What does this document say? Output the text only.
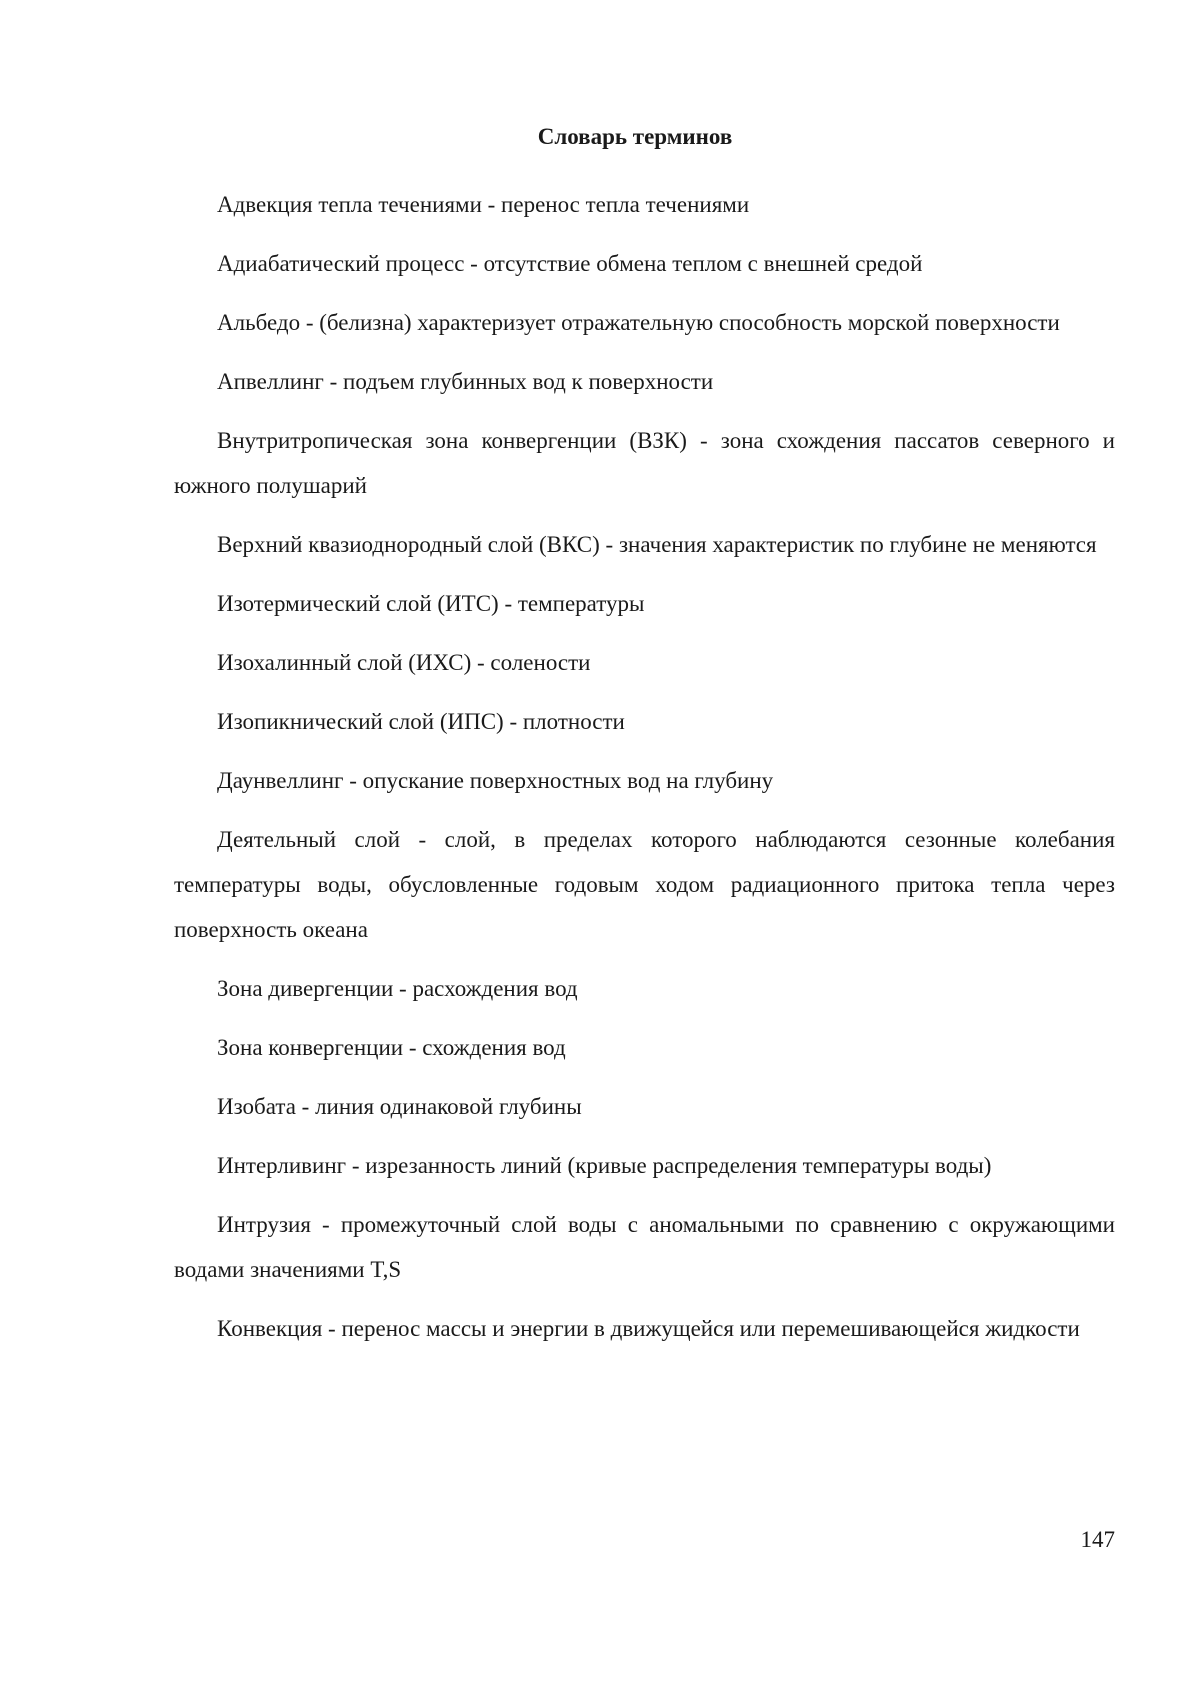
Словарь терминов

Адвекция тепла течениями - перенос тепла течениями

Адиабатический процесс - отсутствие обмена теплом с внешней средой

Альбедо - (белизна) характеризует отражательную способность морской поверхности

Апвеллинг - подъем глубинных вод к поверхности

Внутритропическая зона конвергенции (ВЗК) - зона схождения пассатов северного и южного полушарий

Верхний квазиоднородный слой (ВКС) - значения характеристик по глубине не меняются

Изотермический слой (ИТС) - температуры

Изохалинный слой (ИХС) - солености

Изопикнический слой (ИПС) - плотности

Даунвеллинг - опускание поверхностных вод на глубину

Деятельный слой - слой, в пределах которого наблюдаются сезонные колебания температуры воды, обусловленные годовым ходом радиационного притока тепла через поверхность океана

Зона дивергенции - расхождения вод

Зона конвергенции - схождения вод

Изобата - линия одинаковой глубины

Интерливинг - изрезанность линий (кривые распределения температуры воды)

Интрузия - промежуточный слой воды с аномальными по сравнению с окружающими водами значениями T,S

Конвекция - перенос массы и энергии в движущейся или перемешивающейся жидкости

147
